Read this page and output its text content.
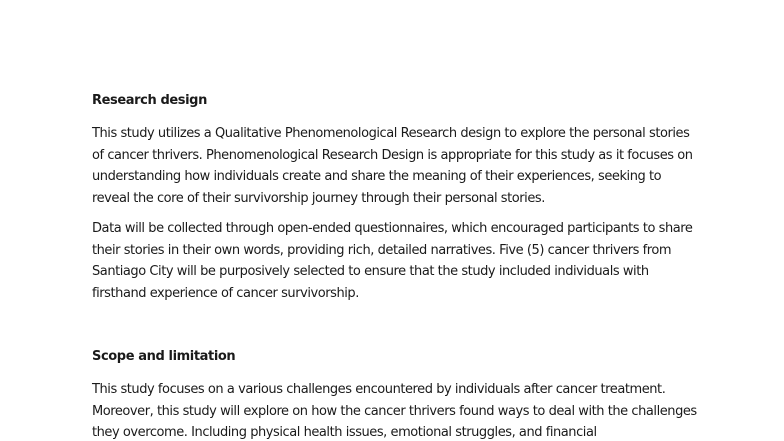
Research design

This study utilizes a Qualitative Phenomenological Research design to explore the personal stories of cancer thrivers. Phenomenological Research Design is appropriate for this study as it focuses on understanding how individuals create and share the meaning of their experiences, seeking to reveal the core of their survivorship journey through their personal stories.

Data will be collected through open-ended questionnaires, which encouraged participants to share their stories in their own words, providing rich, detailed narratives. Five (5) cancer thrivers from Santiago City will be purposively selected to ensure that the study included individuals with firsthand experience of cancer survivorship.

Scope and limitation

This study focuses on a various challenges encountered by individuals after cancer treatment. Moreover, this study will explore on how the cancer thrivers found ways to deal with the challenges they overcome. Including physical health issues, emotional struggles, and financial
